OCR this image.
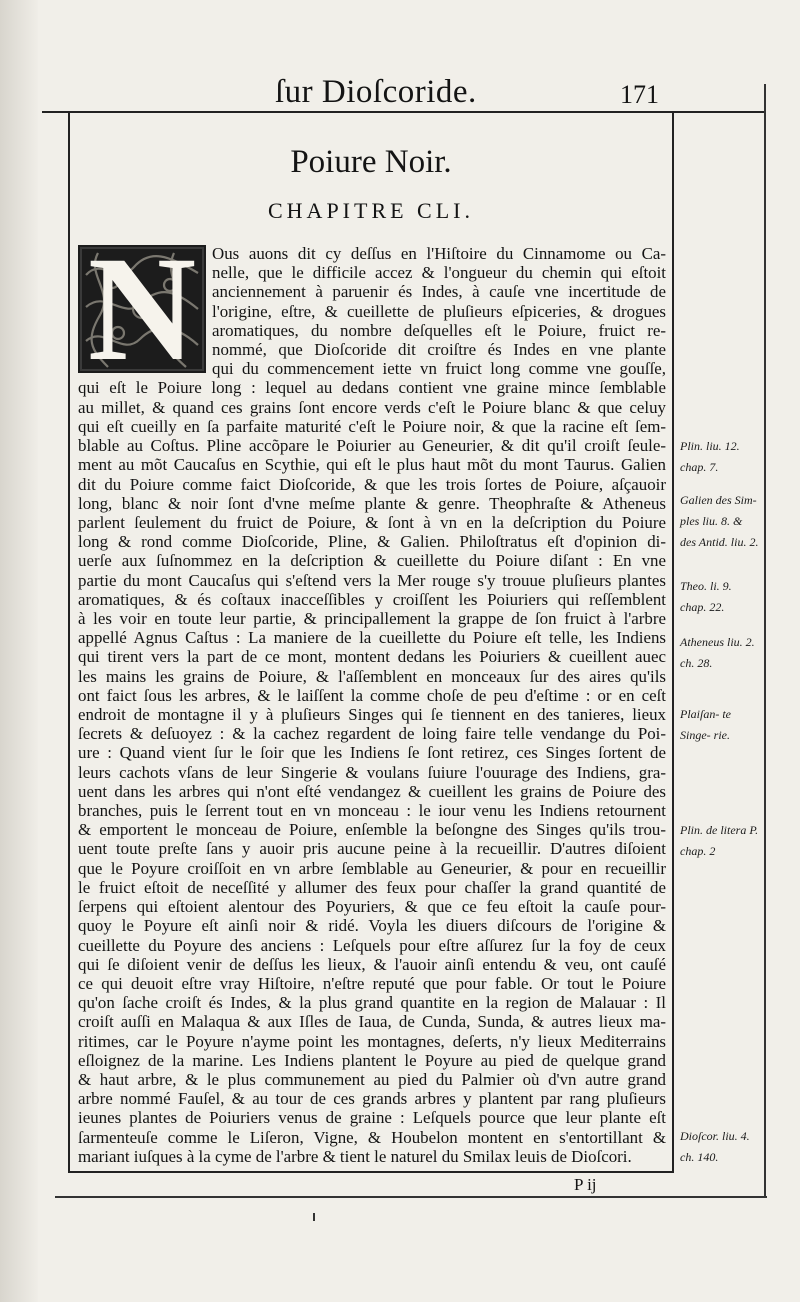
ſur Dioſcoride.	171
Poiure Noir.
CHAPITRE CLI.
N Ous auons dit cy deſſus en l'Hiſtoire du Cinnamome ou Ca-
nelle, que le difficile accez & l'ongueur du chemin qui eſtoit
anciennement à paruenir és Indes, à cauſe vne incertitude de
l'origine, eſtre, & cueillette de pluſieurs eſpiceries, & drogues
aromatiques, du nombre deſquelles eſt le Poiure, fruict re-
nommé, que Dioſcoride dit croiſtre és Indes en vne plante
qui du commencement iette vn fruict long comme vne gouſſe,
qui eſt le Poiure long : lequel au dedans contient vne graine mince ſemblable
au millet, & quand ces grains ſont encore verds c'eſt le Poiure blanc & que celuy
qui eſt cueilly en ſa parfaite maturité c'eſt le Poiure noir, & que la racine eſt ſem-
blable au Coſtus. Pline accõpare le Poiurier au Geneurier, & dit qu'il croiſt ſeule-
ment au mõt Caucaſus en Scythie, qui eſt le plus haut mõt du mont Taurus. Galien
dit du Poiure comme faict Dioſcoride, & que les trois ſortes de Poiure, aſçauoir
long, blanc & noir ſont d'vne meſme plante & genre. Theophraſte & Atheneus
parlent ſeulement du fruict de Poiure, & ſont à vn en la deſcription du Poiure
long & rond comme Dioſcoride, Pline, & Galien. Philoſtratus eſt d'opinion di-
uerſe aux ſuſnommez en la deſcription & cueillette du Poiure diſant : En vne
partie du mont Caucaſus qui s'eſtend vers la Mer rouge s'y trouue pluſieurs plantes
aromatiques, & és coſtaux inacceſſibles y croiſſent les Poiuriers qui reſſemblent
à les voir en toute leur partie, & principallement la grappe de ſon fruict à l'arbre
appellé Agnus Caſtus : La maniere de la cueillette du Poiure eſt telle, les Indiens
qui tirent vers la part de ce mont, montent dedans les Poiuriers & cueillent auec
les mains les grains de Poiure, & l'aſſemblent en monceaux ſur des aires qu'ils
ont faict ſous les arbres, & le laiſſent la comme choſe de peu d'eſtime : or en ceſt
endroit de montagne il y à pluſieurs Singes qui ſe tiennent en des tanieres, lieux
ſecrets & deſuoyez : & la cachez regardent de loing faire telle vendange du Poi-
ure : Quand vient ſur le ſoir que les Indiens ſe ſont retirez, ces Singes ſortent de
leurs cachots vſans de leur Singerie & voulans ſuiure l'ouurage des Indiens, gra-
uent dans les arbres qui n'ont eſté vendangez & cueillent les grains de Poiure des
branches, puis le ſerrent tout en vn monceau : le iour venu les Indiens retournent
& emportent le monceau de Poiure, enſemble la beſongne des Singes qu'ils trou-
uent toute preſte ſans y auoir pris aucune peine à la recueillir. D'autres diſoient
que le Poyure croiſſoit en vn arbre ſemblable au Geneurier, & pour en recueillir
le fruict eſtoit de neceſſité y allumer des feux pour chaſſer la grand quantité de
ſerpens qui eſtoient alentour des Poyuriers, & que ce feu eſtoit la cauſe pour-
quoy le Poyure eſt ainſi noir & ridé. Voyla les diuers diſcours de l'origine &
cueillette du Poyure des anciens : Leſquels pour eſtre aſſurez ſur la foy de ceux
qui ſe diſoient venir de deſſus les lieux, & l'auoir ainſi entendu & veu, ont cauſé
ce qui deuoit eſtre vray Hiſtoire, n'eſtre reputé que pour fable. Or tout le Poiure
qu'on ſache croiſt és Indes, & la plus grand quantite en la region de Malauar : Il
croiſt auſſi en Malaqua & aux Iſles de Iaua, de Cunda, Sunda, & autres lieux ma-
ritimes, car le Poyure n'ayme point les montagnes, deſerts, n'y lieux Mediterrains
eſloignez de la marine. Les Indiens plantent le Poyure au pied de quelque grand
& haut arbre, & le plus communement au pied du Palmier où d'vn autre grand
arbre nommé Fauſel, & au tour de ces grands arbres y plantent par rang pluſieurs
ieunes plantes de Poiuriers venus de graine : Leſquels pource que leur plante eſt
ſarmenteuſe comme le Liſeron, Vigne, & Houbelon montent en s'entortillant &
mariant iuſques à la cyme de l'arbre & tient le naturel du Smilax leuis de Dioſcori.
Plin. liu. 12. chap. 7.
Galien des Sim- ples liu. 8. & des Antid. liu. 2.
Theo. li. 9. chap. 22.
Atheneus liu. 2. ch. 28.
Plaiſan- te Singe- rie.
Plin. de litera P. chap. 2
Dioſcor. liu. 4. ch. 140.
P ij
